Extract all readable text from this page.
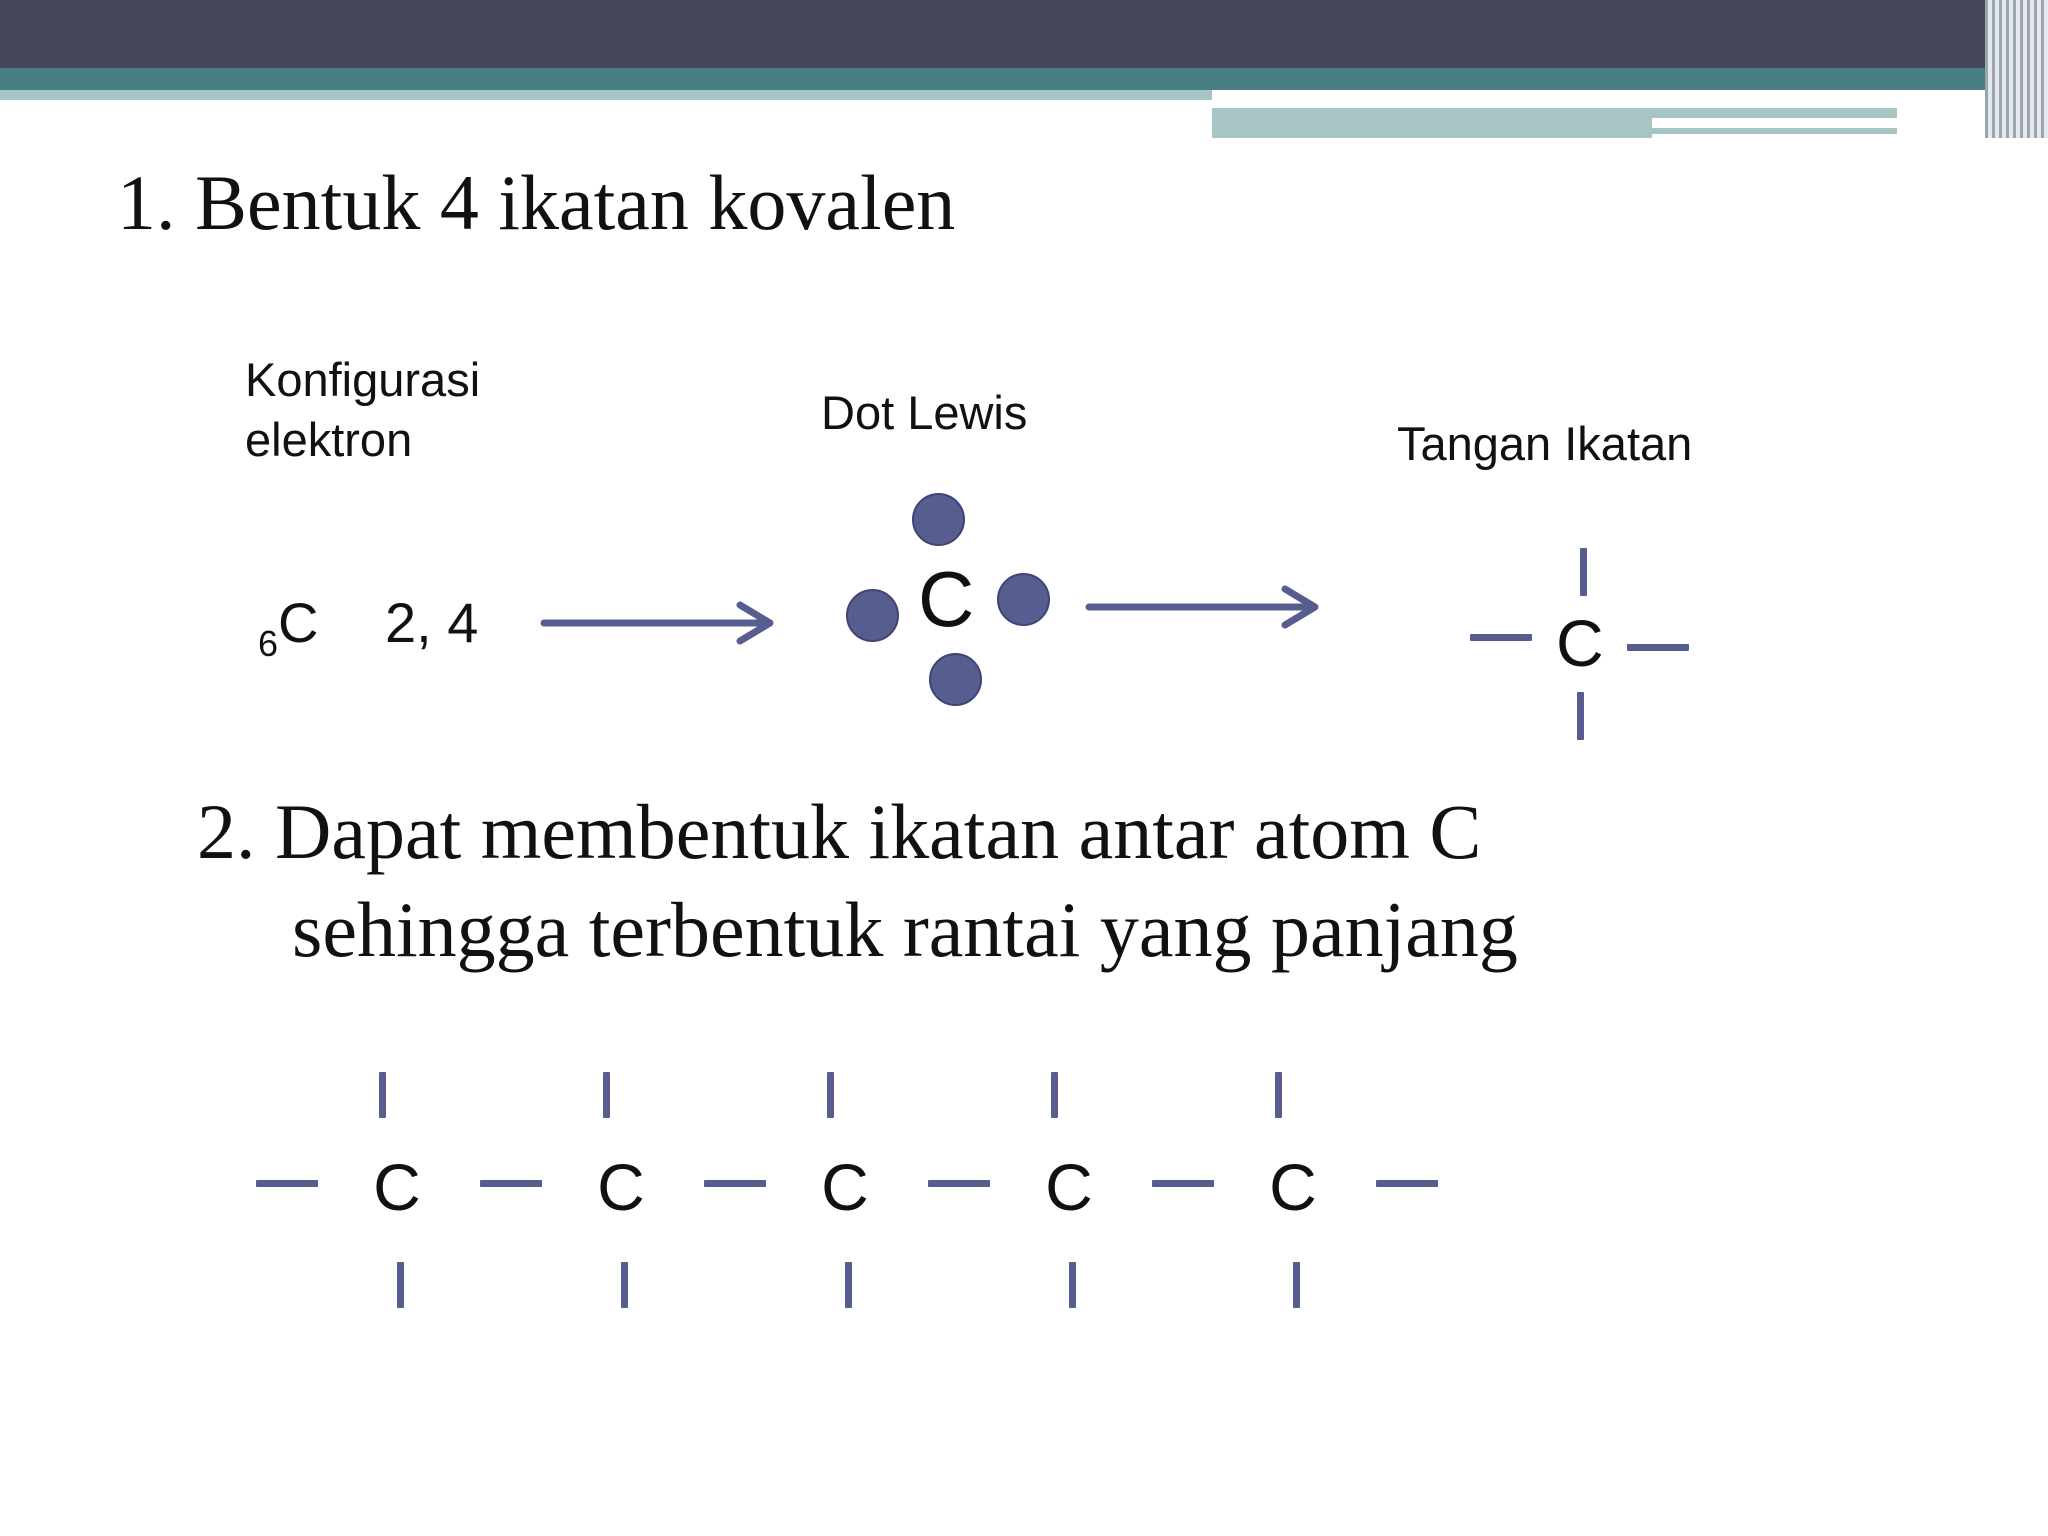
1. Bentuk 4 ikatan kovalen
Konfigurasi
elektron
Dot Lewis
Tangan Ikatan
$_6$C 2, 4	C	C
2. Dapat membentuk ikatan antar atom C
sehingga terbentuk rantai yang panjang
C	C	C	C	C
